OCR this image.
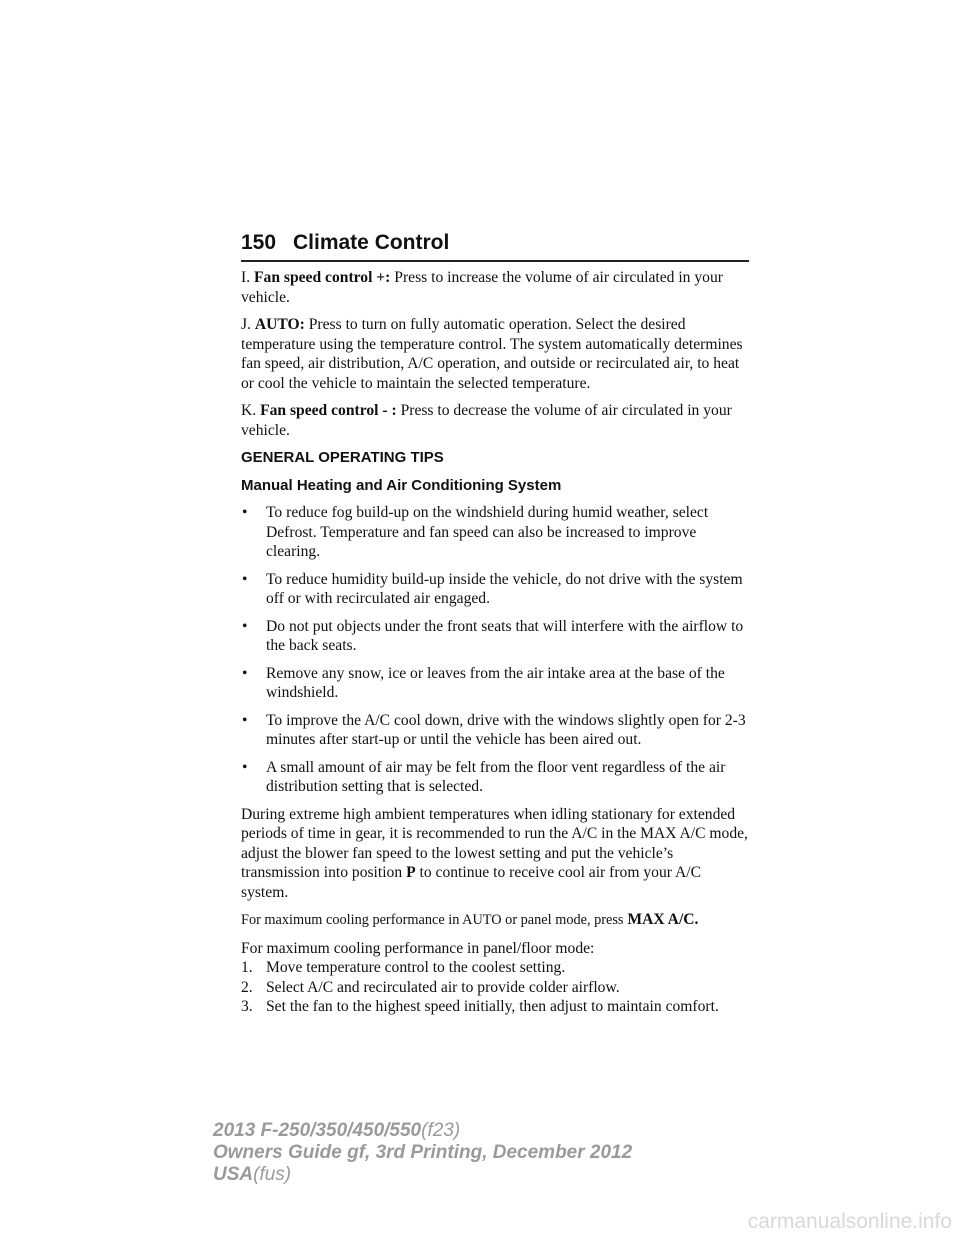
150 Climate Control

I. Fan speed control +: Press to increase the volume of air circulated in your vehicle.

J. AUTO: Press to turn on fully automatic operation. Select the desired temperature using the temperature control. The system automatically determines fan speed, air distribution, A/C operation, and outside or recirculated air, to heat or cool the vehicle to maintain the selected temperature.

K. Fan speed control - : Press to decrease the volume of air circulated in your vehicle.

GENERAL OPERATING TIPS
Manual Heating and Air Conditioning System
• To reduce fog build-up on the windshield during humid weather, select Defrost. Temperature and fan speed can also be increased to improve clearing.
• To reduce humidity build-up inside the vehicle, do not drive with the system off or with recirculated air engaged.
• Do not put objects under the front seats that will interfere with the airflow to the back seats.
• Remove any snow, ice or leaves from the air intake area at the base of the windshield.
• To improve the A/C cool down, drive with the windows slightly open for 2-3 minutes after start-up or until the vehicle has been aired out.
• A small amount of air may be felt from the floor vent regardless of the air distribution setting that is selected.

During extreme high ambient temperatures when idling stationary for extended periods of time in gear, it is recommended to run the A/C in the MAX A/C mode, adjust the blower fan speed to the lowest setting and put the vehicle’s transmission into position P to continue to receive cool air from your A/C system.

For maximum cooling performance in AUTO or panel mode, press MAX A/C.

For maximum cooling performance in panel/floor mode:
1. Move temperature control to the coolest setting.
2. Select A/C and recirculated air to provide colder airflow.
3. Set the fan to the highest speed initially, then adjust to maintain comfort.
2013 F-250/350/450/550(f23)
Owners Guide gf, 3rd Printing, December 2012
USA(fus)
carmanualsonline.info
